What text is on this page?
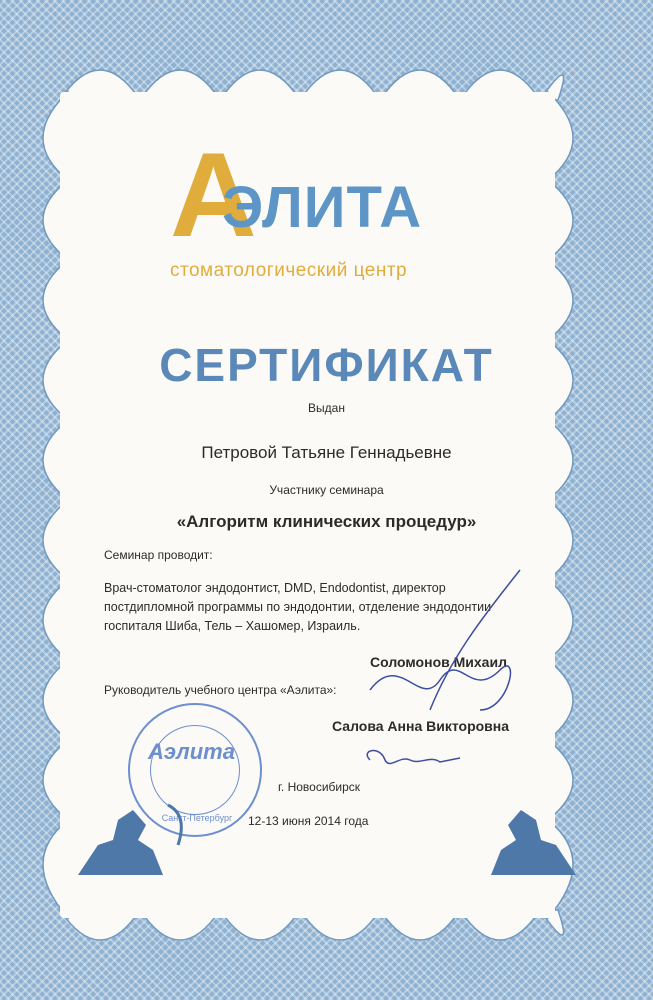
А
ЭЛИТА
стоматологический центр
СЕРТИФИКАТ
Выдан
Петровой Татьяне Геннадьевне
Участнику семинара
«Алгоритм клинических процедур»
Семинар проводит:
Врач-стоматолог эндодонтист, DMD, Endodontist, директор
постдипломной программы по эндодонтии, отделение эндодонтии
госпиталя Шиба, Тель – Хашомер, Израиль.
Соломонов Михаил
Руководитель учебного центра «Аэлита»:
Салова Анна Викторовна
г. Новосибирск
12-13 июня 2014 года
Аэлита
Санкт-Петербург
